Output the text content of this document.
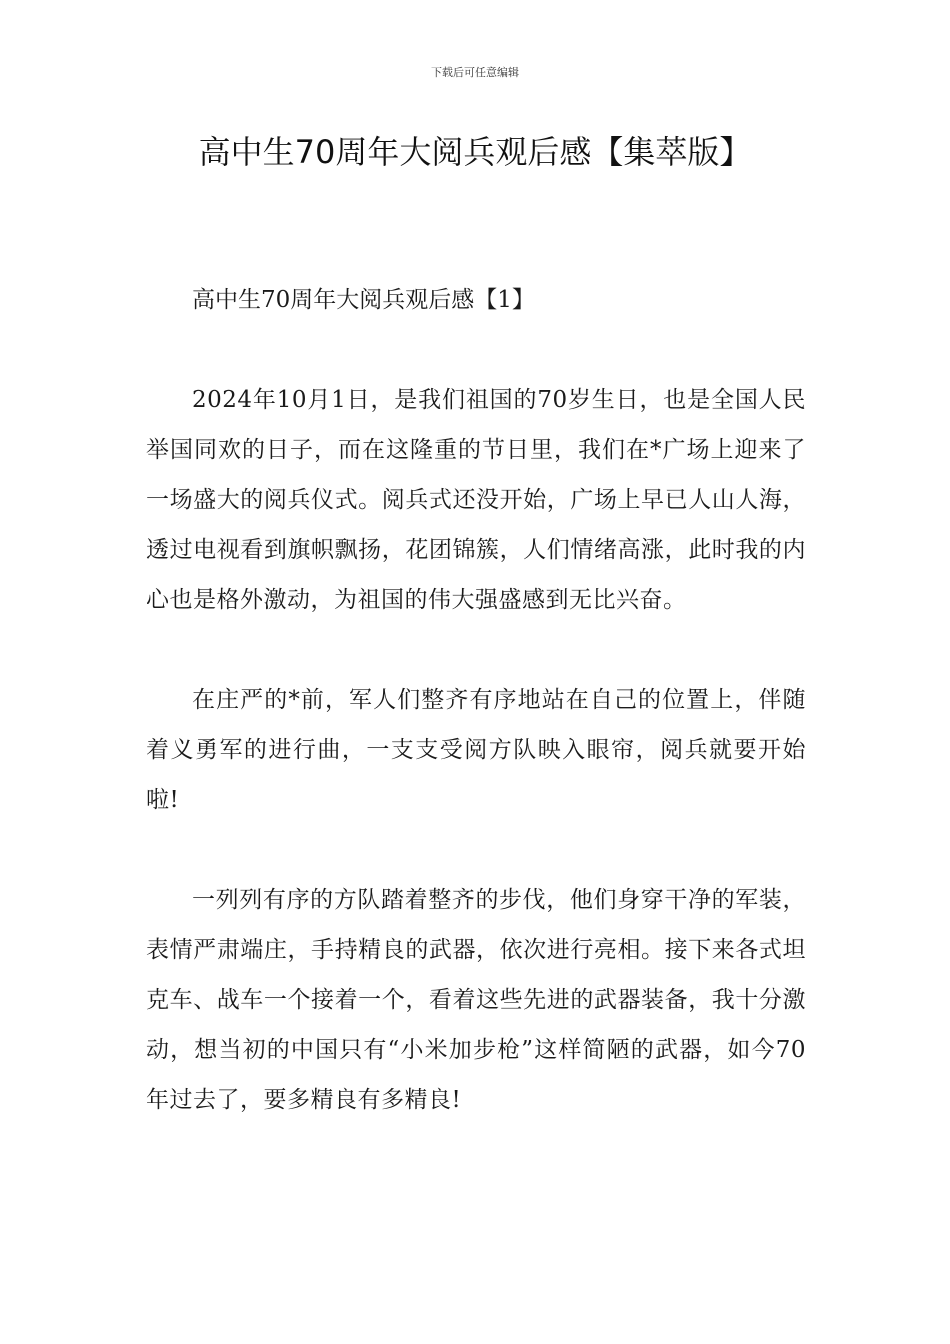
下载后可任意编辑
高中生70周年大阅兵观后感【集萃版】

高中生70周年大阅兵观后感【1】

2024年10月1日，是我们祖国的70岁生日，也是全国人民举国同欢的日子，而在这隆重的节日里，我们在*广场上迎来了一场盛大的阅兵仪式。阅兵式还没开始，广场上早已人山人海，透过电视看到旗帜飘扬，花团锦簇，人们情绪高涨，此时我的内心也是格外激动，为祖国的伟大强盛感到无比兴奋。

在庄严的*前，军人们整齐有序地站在自己的位置上，伴随着义勇军的进行曲，一支支受阅方队映入眼帘，阅兵就要开始啦!

一列列有序的方队踏着整齐的步伐，他们身穿干净的军装，表情严肃端庄，手持精良的武器，依次进行亮相。接下来各式坦克车、战车一个接着一个，看着这些先进的武器装备，我十分激动，想当初的中国只有“小米加步枪”这样简陋的武器，如今70年过去了，要多精良有多精良!
